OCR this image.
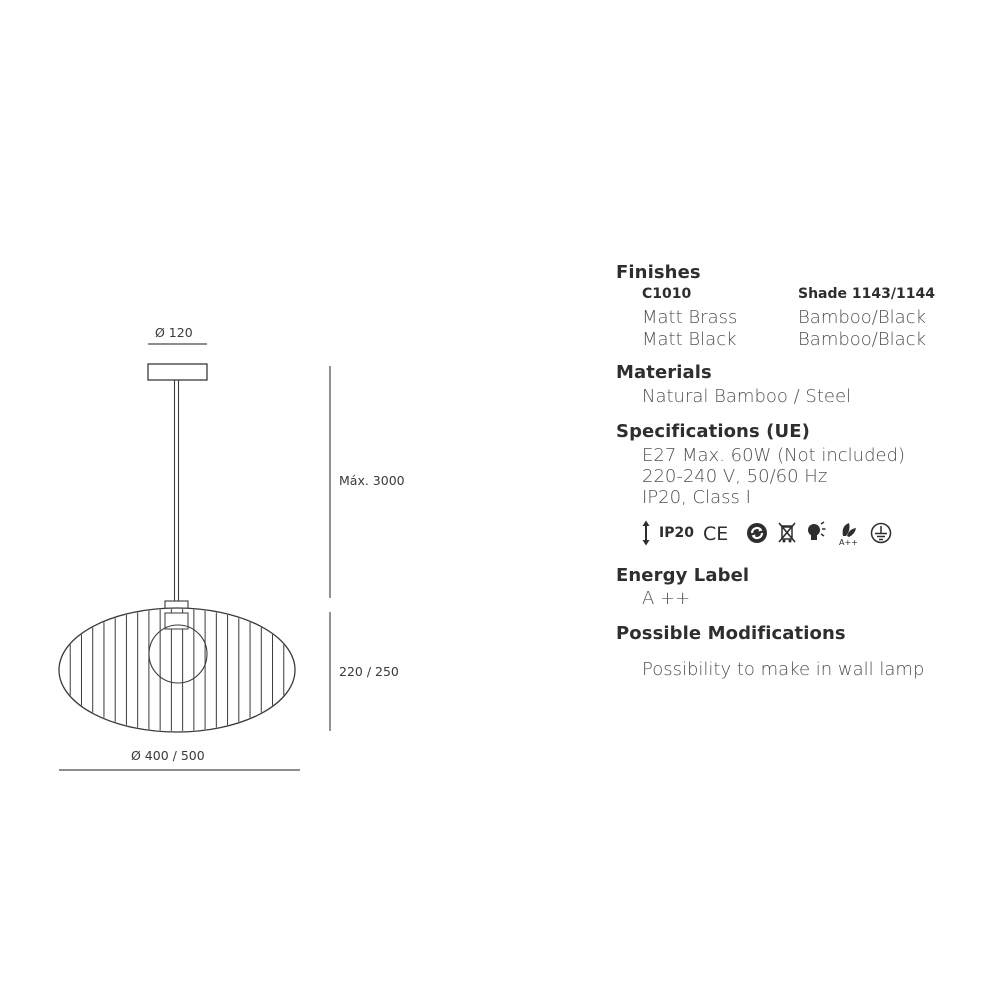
Ø 120
Máx. 3000
220 / 250
Ø 400 / 500
Finishes
C1010	Shade 1143/1144
Matt Brass	Bamboo/Black
Matt Black	Bamboo/Black
Materials
Natural Bamboo / Steel
Specifications (UE)
E27 Max. 60W (Not included)
220-240 V, 50/60 Hz
IP20, Class I
IP20 CE	A++
Energy Label
A ++
Possible Modifications
Possibility to make in wall lamp
